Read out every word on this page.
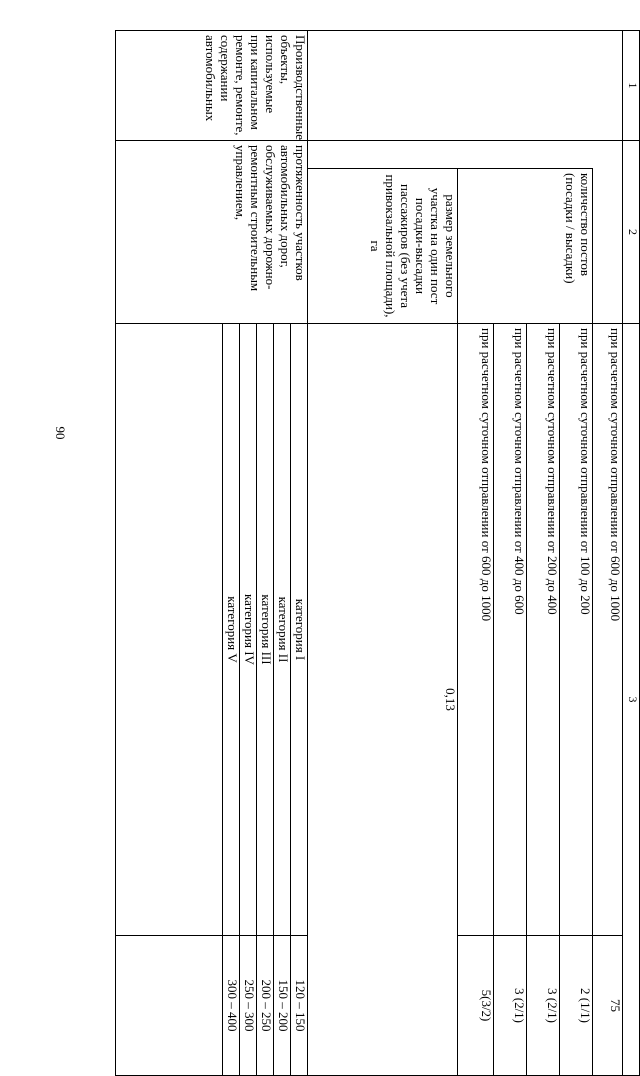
90
1	2		3	
			при расчетном суточном отправлении от 600 до 1000	75
		количество постов (посадки / высадки)	при расчетном суточном отправлении от 100 до 200	2 (1/1)
			при расчетном суточном отправлении от 200 до 400	3 (2/1)
			при расчетном суточном отправлении от 400 до 600	3 (2/1)
			при расчетном суточном отправлении от 600 до 1000	5(3/2)
		размер земельного участка на один пост посадки-высадки пассажиров (без учета привокзальной площади), га	0,13	
Производственные объекты, используемые при капитальном ремонте, ремонте, содержании автомобильных	протяженность участков автомобильных дорог, обслуживаемых дорожно-ремонтным строительным управлением,		категория I	120 – 150
			категория II	150 – 200
			категория III	200 – 250
			категория IV	250 – 300
			категория V	300 – 400
